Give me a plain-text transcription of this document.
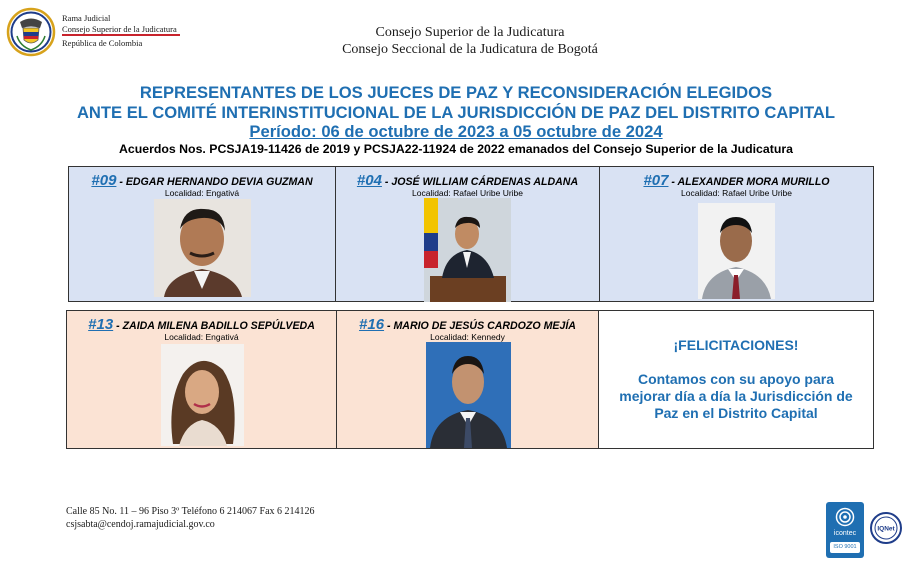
Rama Judicial
Consejo Superior de la Judicatura
República de Colombia
Consejo Superior de la Judicatura
Consejo Seccional de la Judicatura de Bogotá
REPRESENTANTES DE LOS JUECES DE PAZ Y RECONSIDERACIÓN ELEGIDOS
ANTE EL COMITÉ INTERINSTITUCIONAL DE LA JURISDICCIÓN DE PAZ DEL DISTRITO CAPITAL
Período: 06 de octubre de 2023 a 05 octubre de 2024
Acuerdos Nos. PCSJA19-11426 de 2019 y PCSJA22-11924 de 2022 emanados del Consejo Superior de la Judicatura
#09 - EDGAR HERNANDO DEVIA GUZMAN
Localidad: Engativá
#04 - JOSÉ WILLIAM CÁRDENAS ALDANA
Localidad: Rafael Uribe Uribe
#07 - ALEXANDER MORA MURILLO
Localidad: Rafael Uribe Uribe
#13 - ZAIDA MILENA BADILLO SEPÚLVEDA
Localidad: Engativá
#16 - MARIO DE JESÚS CARDOZO MEJÍA
Localidad: Kennedy	¡FELICITACIONES!
Contamos con su apoyo para
mejorar día a día la Jurisdicción de
Paz en el Distrito Capital
Calle 85 No. 11 – 96 Piso 3º Teléfono 6 214067 Fax 6 214126
csjsabta@cendoj.ramajudicial.gov.co
icontec
ISO 9001
IQNet
